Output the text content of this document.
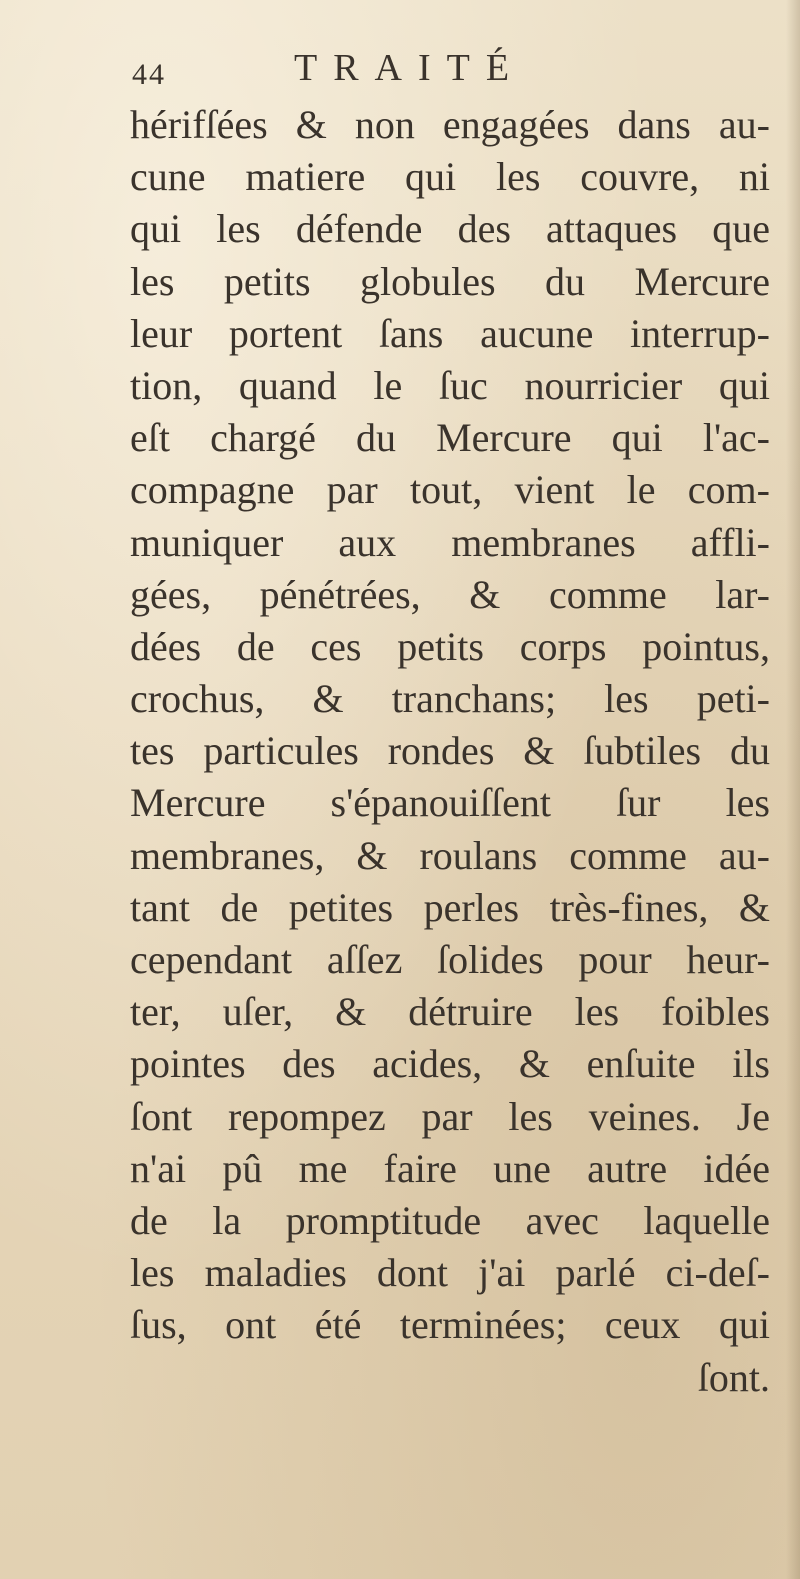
44	TRAITÉ
hérifſées & non engagées dans au-
cune matiere qui les couvre, ni
qui les défende des attaques que
les petits globules du Mercure
leur portent ſans aucune interrup-
tion, quand le ſuc nourricier qui
eſt chargé du Mercure qui l'ac-
compagne par tout, vient le com-
muniquer aux membranes affli-
gées, pénétrées, & comme lar-
dées de ces petits corps pointus,
crochus, & tranchans; les peti-
tes particules rondes & ſubtiles du
Mercure s'épanouiſſent ſur les
membranes, & roulans comme au-
tant de petites perles très-fines, &
cependant aſſez ſolides pour heur-
ter, uſer, & détruire les foibles
pointes des acides, & enſuite ils
ſont repompez par les veines. Je
n'ai pû me faire une autre idée
de la promptitude avec laquelle
les maladies dont j'ai parlé ci-deſ-
ſus, ont été terminées; ceux qui
ſont.
